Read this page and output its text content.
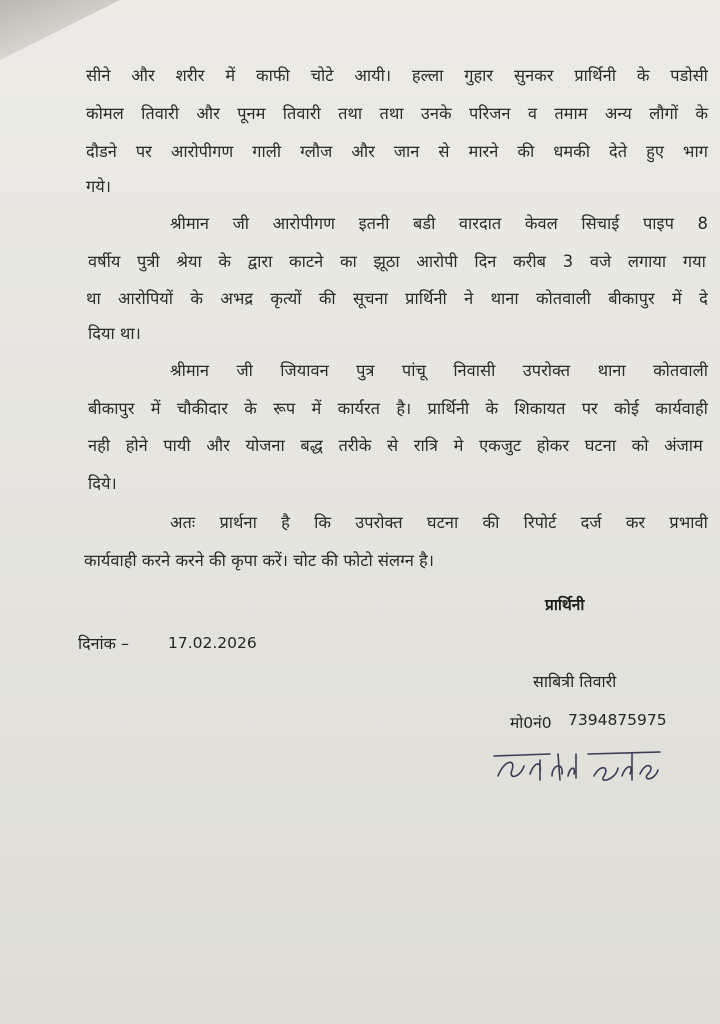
सीने और शरीर में काफी चोटे आयी। हल्ला गुहार सुनकर प्रार्थिनी के पडोसी
कोमल तिवारी और पूनम तिवारी तथा तथा उनके परिजन व तमाम अन्य लौगों के
दौडने पर आरोपीगण गाली ग्लौज और जान से मारने की धमकी देते हुए भाग
गये।
श्रीमान जी आरोपीगण इतनी बडी वारदात केवल सिचाई पाइप 8
वर्षीय पुत्री श्रेया के द्वारा काटने का झूठा आरोपी दिन करीब 3 वजे लगाया गया
था आरोपियों के अभद्र कृत्यों की सूचना प्रार्थिनी ने थाना कोतवाली बीकापुर में दे
दिया था।
श्रीमान जी जियावन पुत्र पांचू निवासी उपरोक्त थाना कोतवाली
बीकापुर में चौकीदार के रूप में कार्यरत है। प्रार्थिनी के शिकायत पर कोई कार्यवाही
नही होने पायी और योजना बद्ध तरीके से रात्रि मे एकजुट होकर घटना को अंजाम
दिये।
अतः प्रार्थना है कि उपरोक्त घटना की रिपोर्ट दर्ज कर प्रभावी
कार्यवाही करने करने की कृपा करें। चोट की फोटो संलग्न है।
प्रार्थिनी
दिनांक –	17.02.2026
साबित्री तिवारी
मो0नं0 7394875975
